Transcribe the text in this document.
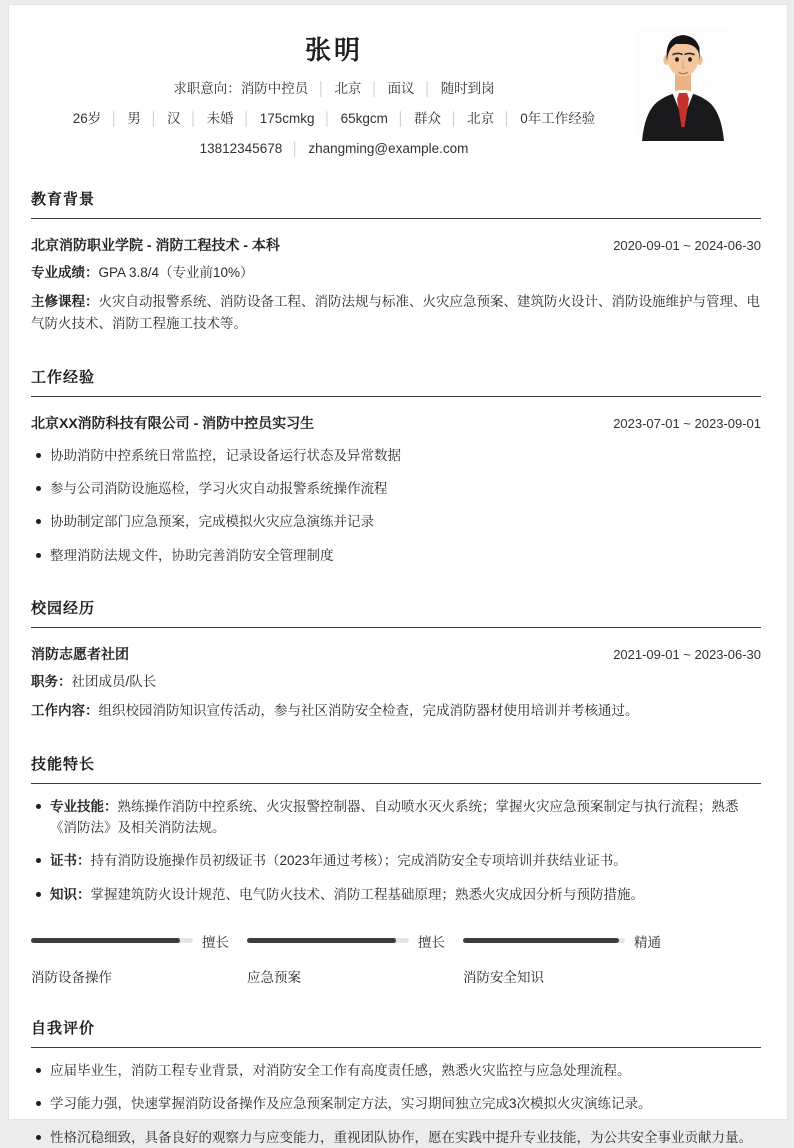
张明
求职意向：消防中控员 │ 北京 │ 面议 │ 随时到岗
26岁 │ 男 │ 汉 │ 未婚 │ 175cmkg │ 65kgcm │ 群众 │ 北京 │ 0年工作经验
13812345678 │ zhangming@example.com
教育背景
北京消防职业学院 - 消防工程技术 - 本科	2020-09-01 ~ 2024-06-30
专业成绩：GPA 3.8/4（专业前10%）
主修课程：火灾自动报警系统、消防设备工程、消防法规与标准、火灾应急预案、建筑防火设计、消防设施维护与管理、电气防火技术、消防工程施工技术等。
工作经验
北京XX消防科技有限公司 - 消防中控员实习生	2023-07-01 ~ 2023-09-01
协助消防中控系统日常监控，记录设备运行状态及异常数据
参与公司消防设施巡检，学习火灾自动报警系统操作流程
协助制定部门应急预案，完成模拟火灾应急演练并记录
整理消防法规文件，协助完善消防安全管理制度
校园经历
消防志愿者社团	2021-09-01 ~ 2023-06-30
职务：社团成员/队长
工作内容：组织校园消防知识宣传活动，参与社区消防安全检查，完成消防器材使用培训并考核通过。
技能特长
专业技能：熟练操作消防中控系统、火灾报警控制器、自动喷水灭火系统；掌握火灾应急预案制定与执行流程；熟悉《消防法》及相关消防法规。
证书：持有消防设施操作员初级证书（2023年通过考核）；完成消防安全专项培训并获结业证书。
知识：掌握建筑防火设计规范、电气防火技术、消防工程基础原理；熟悉火灾成因分析与预防措施。
擅长
消防设备操作
擅长
应急预案
精通
消防安全知识
自我评价
应届毕业生，消防工程专业背景，对消防安全工作有高度责任感，熟悉火灾监控与应急处理流程。
学习能力强，快速掌握消防设备操作及应急预案制定方法，实习期间独立完成3次模拟火灾演练记录。
性格沉稳细致，具备良好的观察力与应变能力，重视团队协作，愿在实践中提升专业技能，为公共安全事业贡献力量。
